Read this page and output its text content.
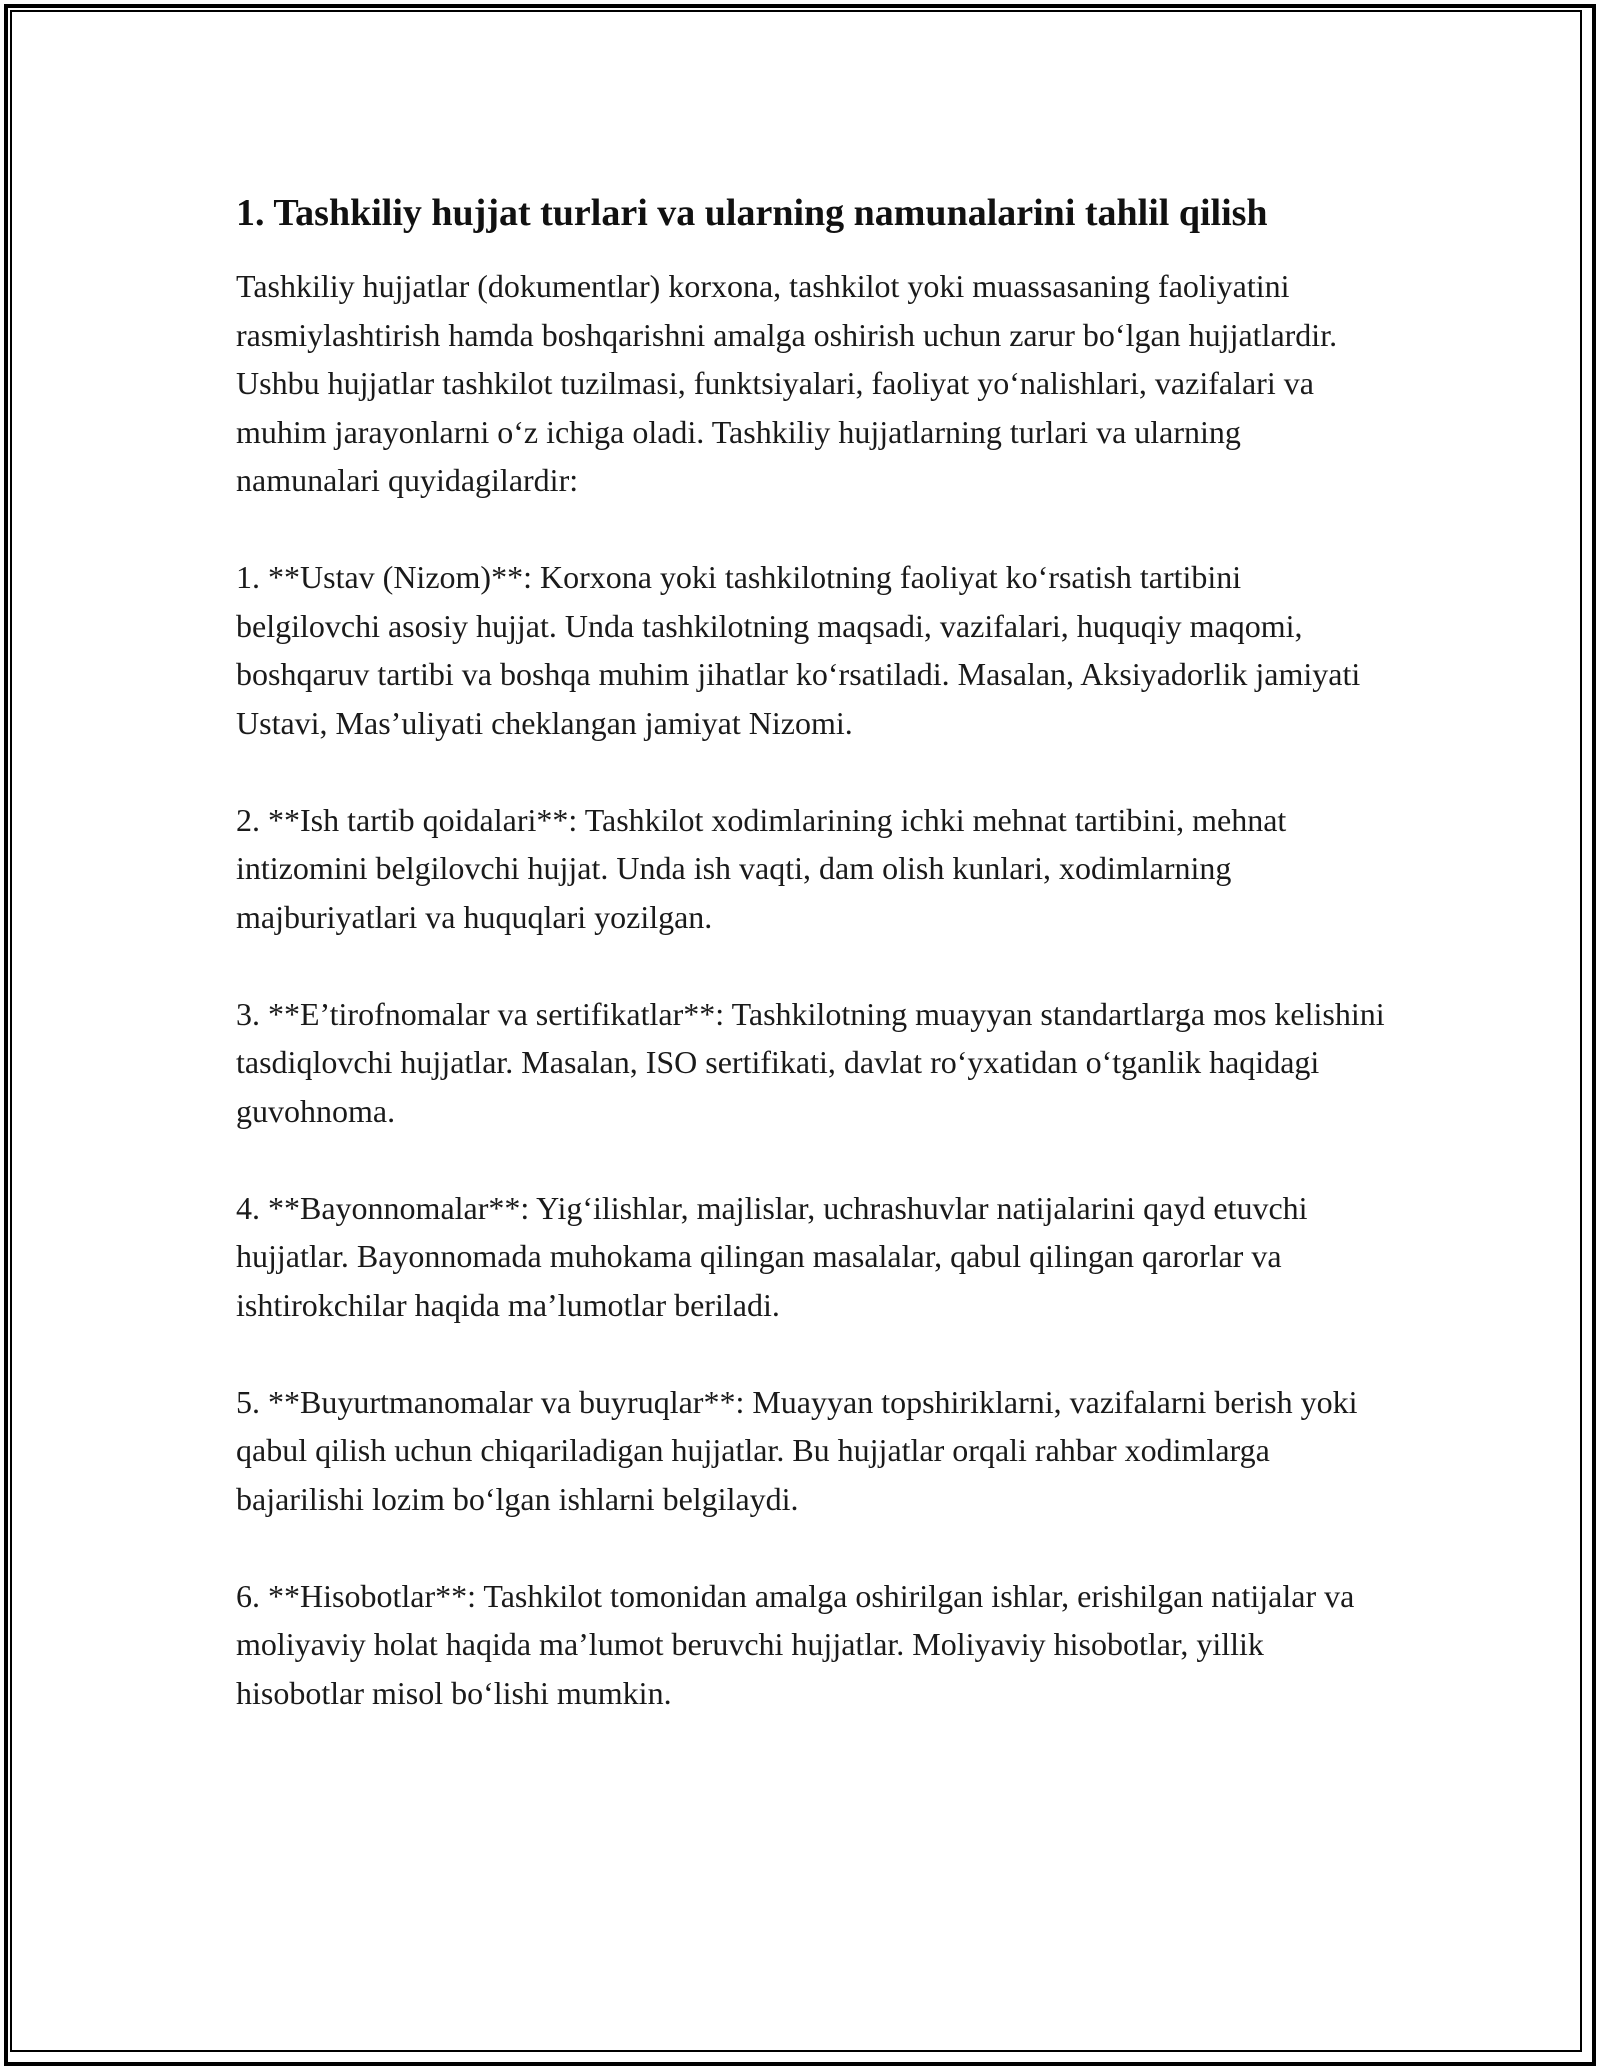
1. Tashkiliy hujjat turlari va ularning namunalarini tahlil qilish

Tashkiliy hujjatlar (dokumentlar) korxona, tashkilot yoki muassasaning faoliyatini rasmiylashtirish hamda boshqarishni amalga oshirish uchun zarur bo‘lgan hujjatlardir. Ushbu hujjatlar tashkilot tuzilmasi, funktsiyalari, faoliyat yo‘nalishlari, vazifalari va muhim jarayonlarni o‘z ichiga oladi. Tashkiliy hujjatlarning turlari va ularning namunalari quyidagilardir:

1. **Ustav (Nizom)**: Korxona yoki tashkilotning faoliyat ko‘rsatish tartibini belgilovchi asosiy hujjat. Unda tashkilotning maqsadi, vazifalari, huquqiy maqomi, boshqaruv tartibi va boshqa muhim jihatlar ko‘rsatiladi. Masalan, Aksiyadorlik jamiyati Ustavi, Mas’uliyati cheklangan jamiyat Nizomi.

2. **Ish tartib qoidalari**: Tashkilot xodimlarining ichki mehnat tartibini, mehnat intizomini belgilovchi hujjat. Unda ish vaqti, dam olish kunlari, xodimlarning majburiyatlari va huquqlari yozilgan.

3. **E’tirofnomalar va sertifikatlar**: Tashkilotning muayyan standartlarga mos kelishini tasdiqlovchi hujjatlar. Masalan, ISO sertifikati, davlat ro‘yxatidan o‘tganlik haqidagi guvohnoma.

4. **Bayonnomalar**: Yig‘ilishlar, majlislar, uchrashuvlar natijalarini qayd etuvchi hujjatlar. Bayonnomada muhokama qilingan masalalar, qabul qilingan qarorlar va ishtirokchilar haqida ma’lumotlar beriladi.

5. **Buyurtmanomalar va buyruqlar**: Muayyan topshiriklarni, vazifalarni berish yoki qabul qilish uchun chiqariladigan hujjatlar. Bu hujjatlar orqali rahbar xodimlarga bajarilishi lozim bo‘lgan ishlarni belgilaydi.

6. **Hisobotlar**: Tashkilot tomonidan amalga oshirilgan ishlar, erishilgan natijalar va moliyaviy holat haqida ma’lumot beruvchi hujjatlar. Moliyaviy hisobotlar, yillik hisobotlar misol bo‘lishi mumkin.
